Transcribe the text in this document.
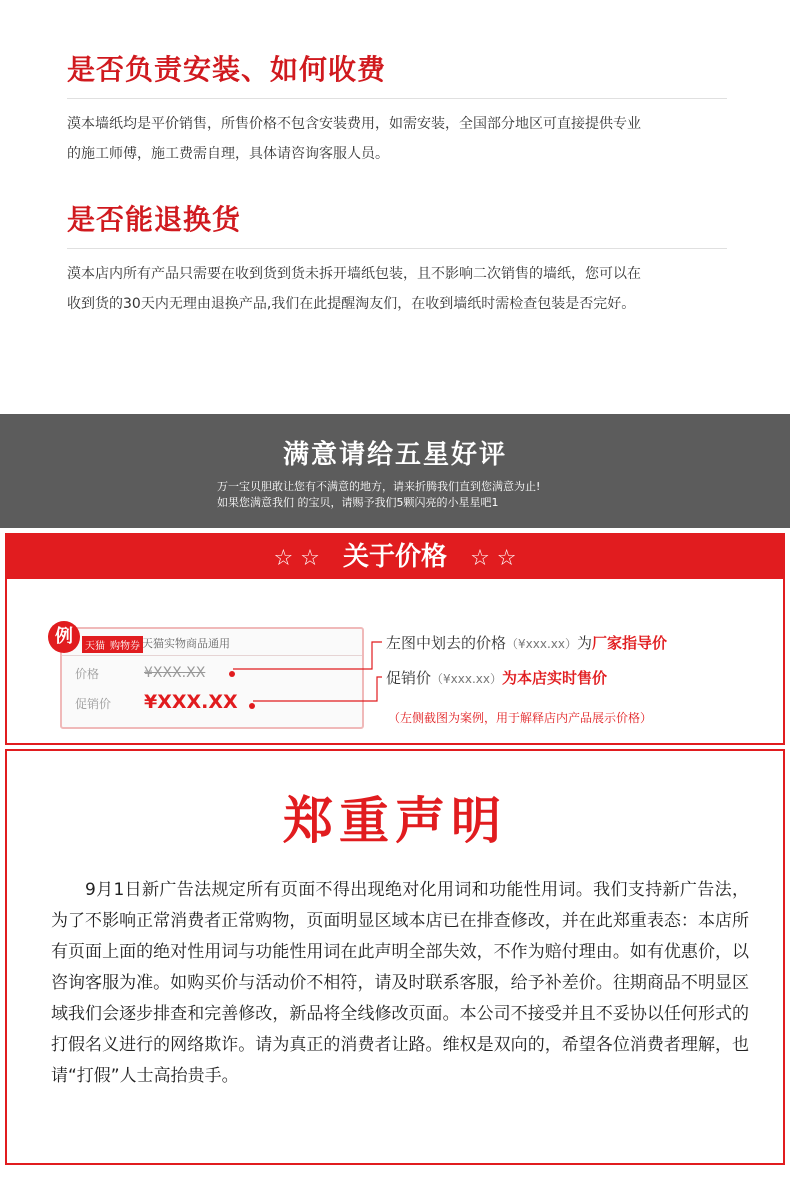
是否负责安装、如何收费

漠本墙纸均是平价销售，所售价格不包含安装费用，如需安装，全国部分地区可直接提供专业
的施工师傅，施工费需自理，具体请咨询客服人员。

是否能退换货

漠本店内所有产品只需要在收到货到货未拆开墙纸包装，且不影响二次销售的墙纸，您可以在
收到货的30天内无理由退换产品,我们在此提醒淘友们，在收到墙纸时需检查包装是否完好。

满意请给五星好评
万一宝贝胆敢让您有不满意的地方，请来折腾我们直到您满意为止!
如果您满意我们 的宝贝，请赐予我们5颗闪亮的小星星吧1
☆ ☆ 关于价格 ☆ ☆
例	天猫 购物券 天猫实物商品通用
价格	¥XXX.XX
促销价 ¥XXX.XX
左图中划去的价格（¥xxx.xx）为厂家指导价
促销价（¥xxx.xx）为本店实时售价
（左侧截图为案例，用于解释店内产品展示价格）
郑重声明
9月1日新广告法规定所有页面不得出现绝对化用词和功能性用词。我们支持新广告法，为了不影响正常消费者正常购物，页面明显区域本店已在排查修改，并在此郑重表态：本店所有页面上面的绝对性用词与功能性用词在此声明全部失效，不作为赔付理由。如有优惠价，以咨询客服为准。如购买价与活动价不相符，请及时联系客服，给予补差价。往期商品不明显区域我们会逐步排查和完善修改，新品将全线修改页面。本公司不接受并且不妥协以任何形式的打假名义进行的网络欺诈。请为真正的消费者让路。维权是双向的，希望各位消费者理解，也请“打假”人士高抬贵手。
